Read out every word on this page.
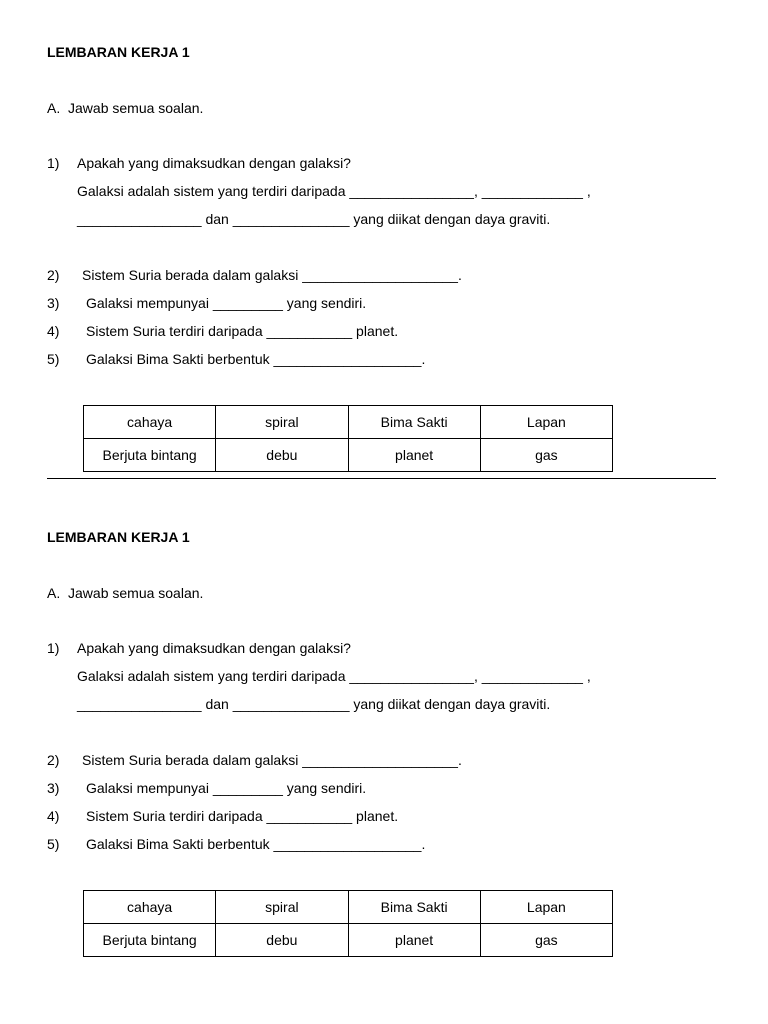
LEMBARAN KERJA 1
A.  Jawab semua soalan.
1) Apakah yang dimaksudkan dengan galaksi?
Galaksi adalah sistem yang terdiri daripada ________________, _____________ ,
________________ dan _______________ yang diikat dengan daya graviti.
2) Sistem Suria berada dalam galaksi ____________________.
3) Galaksi mempunyai _________ yang sendiri.
4) Sistem Suria terdiri daripada ___________ planet.
5) Galaksi Bima Sakti berbentuk ___________________.
cahaya	spiral	Bima Sakti	Lapan
Berjuta bintang	debu	planet	gas
LEMBARAN KERJA 1
A.  Jawab semua soalan.
1) Apakah yang dimaksudkan dengan galaksi?
Galaksi adalah sistem yang terdiri daripada ________________, _____________ ,
________________ dan _______________ yang diikat dengan daya graviti.
2) Sistem Suria berada dalam galaksi ____________________.
3) Galaksi mempunyai _________ yang sendiri.
4) Sistem Suria terdiri daripada ___________ planet.
5) Galaksi Bima Sakti berbentuk ___________________.
cahaya	spiral	Bima Sakti	Lapan
Berjuta bintang	debu	planet	gas
